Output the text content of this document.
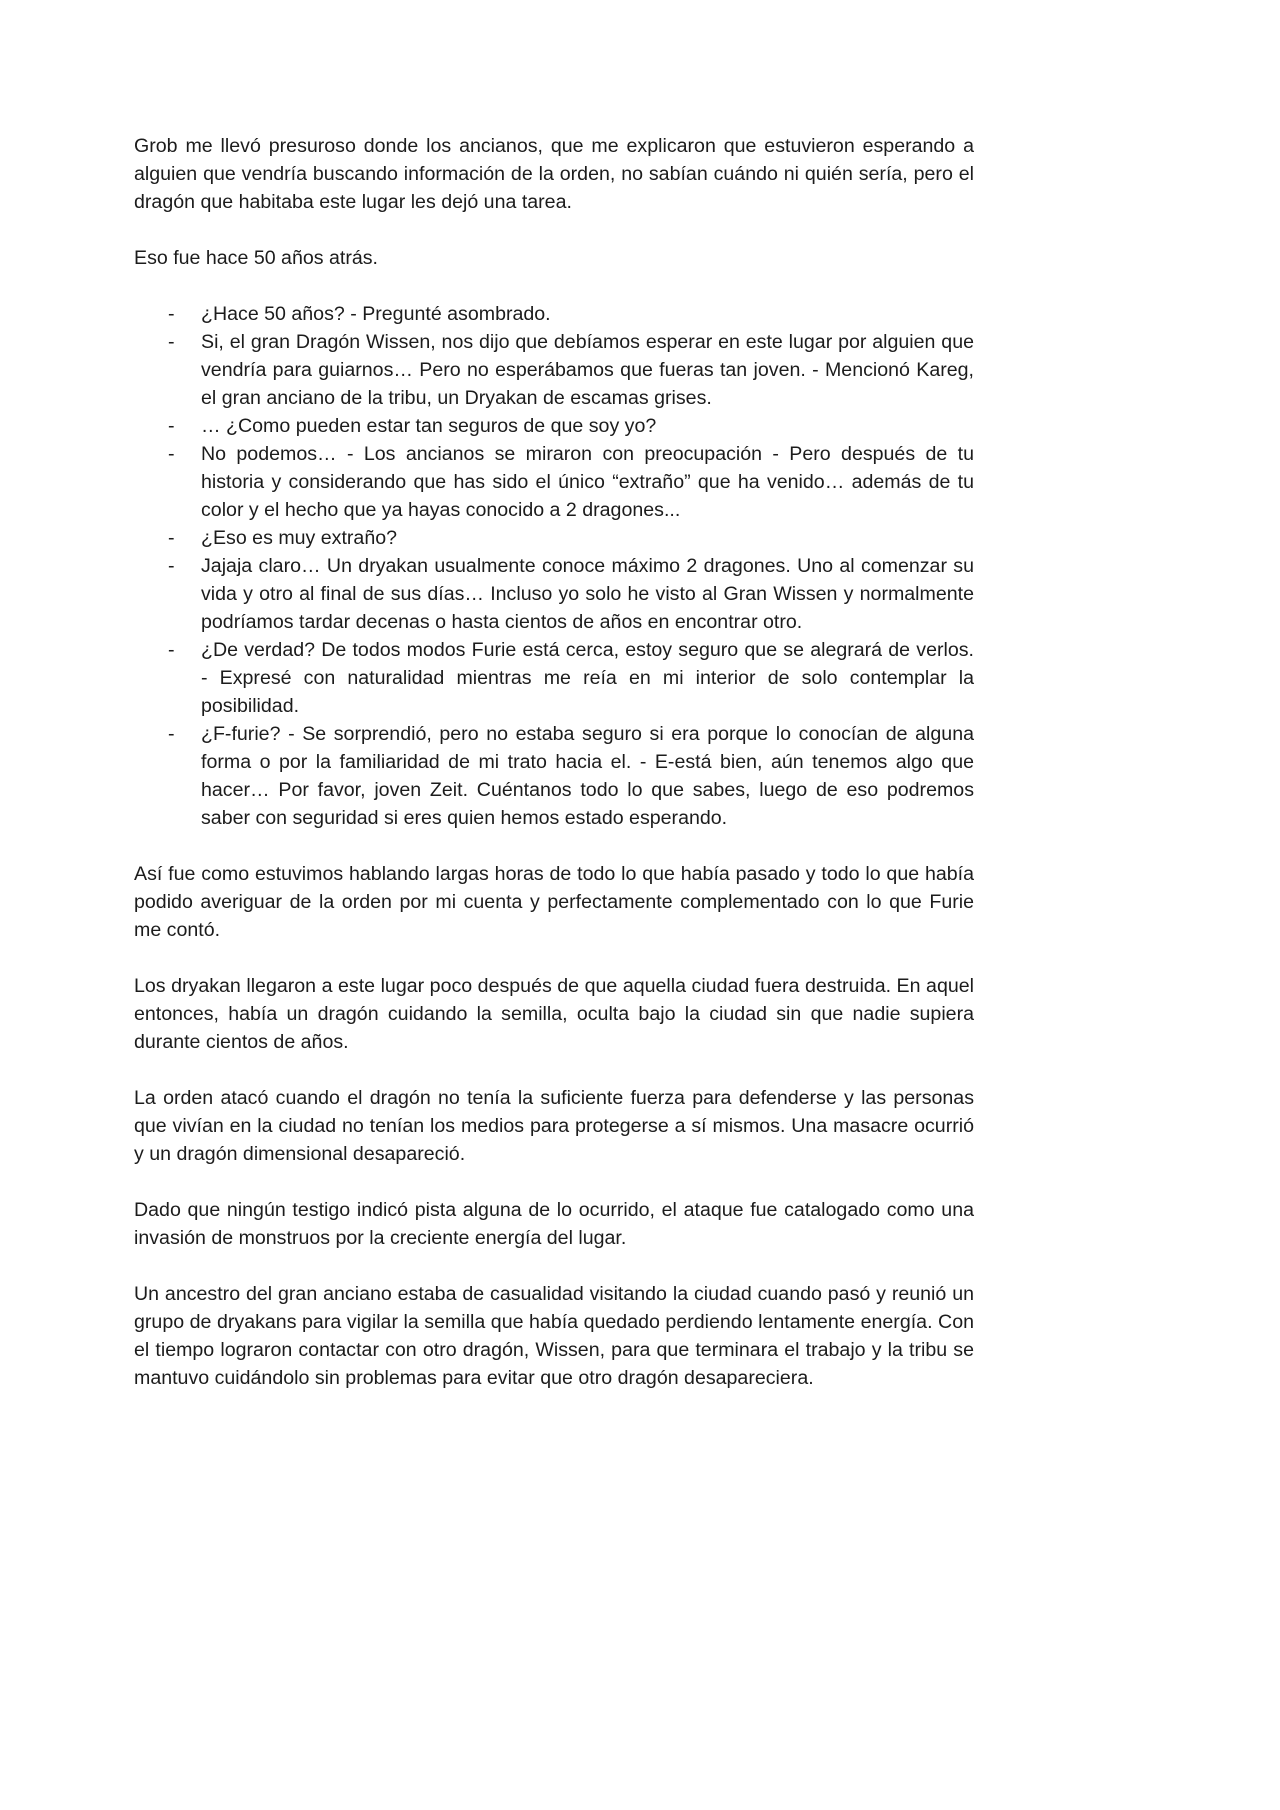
Grob me llevó presuroso donde los ancianos, que me explicaron que estuvieron esperando a alguien que vendría buscando información de la orden, no sabían cuándo ni quién sería, pero el dragón que habitaba este lugar les dejó una tarea.

Eso fue hace 50 años atrás.

- ¿Hace 50 años? - Pregunté asombrado.
- Si, el gran Dragón Wissen, nos dijo que debíamos esperar en este lugar por alguien que vendría para guiarnos… Pero no esperábamos que fueras tan joven. - Mencionó Kareg, el gran anciano de la tribu, un Dryakan de escamas grises.
- … ¿Como pueden estar tan seguros de que soy yo?
- No podemos… - Los ancianos se miraron con preocupación - Pero después de tu historia y considerando que has sido el único “extraño” que ha venido… además de tu color y el hecho que ya hayas conocido a 2 dragones...
- ¿Eso es muy extraño?
- Jajaja claro… Un dryakan usualmente conoce máximo 2 dragones. Uno al comenzar su vida y otro al final de sus días… Incluso yo solo he visto al Gran Wissen y normalmente podríamos tardar decenas o hasta cientos de años en encontrar otro.
- ¿De verdad? De todos modos Furie está cerca, estoy seguro que se alegrará de verlos. - Expresé con naturalidad mientras me reía en mi interior de solo contemplar la posibilidad.
- ¿F-furie? - Se sorprendió, pero no estaba seguro si era porque lo conocían de alguna forma o por la familiaridad de mi trato hacia el. - E-está bien, aún tenemos algo que hacer… Por favor, joven Zeit. Cuéntanos todo lo que sabes, luego de eso podremos saber con seguridad si eres quien hemos estado esperando.

Así fue como estuvimos hablando largas horas de todo lo que había pasado y todo lo que había podido averiguar de la orden por mi cuenta y perfectamente complementado con lo que Furie me contó.

Los dryakan llegaron a este lugar poco después de que aquella ciudad fuera destruida. En aquel entonces, había un dragón cuidando la semilla, oculta bajo la ciudad sin que nadie supiera durante cientos de años.

La orden atacó cuando el dragón no tenía la suficiente fuerza para defenderse y las personas que vivían en la ciudad no tenían los medios para protegerse a sí mismos. Una masacre ocurrió y un dragón dimensional desapareció.

Dado que ningún testigo indicó pista alguna de lo ocurrido, el ataque fue catalogado como una invasión de monstruos por la creciente energía del lugar.

Un ancestro del gran anciano estaba de casualidad visitando la ciudad cuando pasó y reunió un grupo de dryakans para vigilar la semilla que había quedado perdiendo lentamente energía. Con el tiempo lograron contactar con otro dragón, Wissen, para que terminara el trabajo y la tribu se mantuvo cuidándolo sin problemas para evitar que otro dragón desapareciera.
